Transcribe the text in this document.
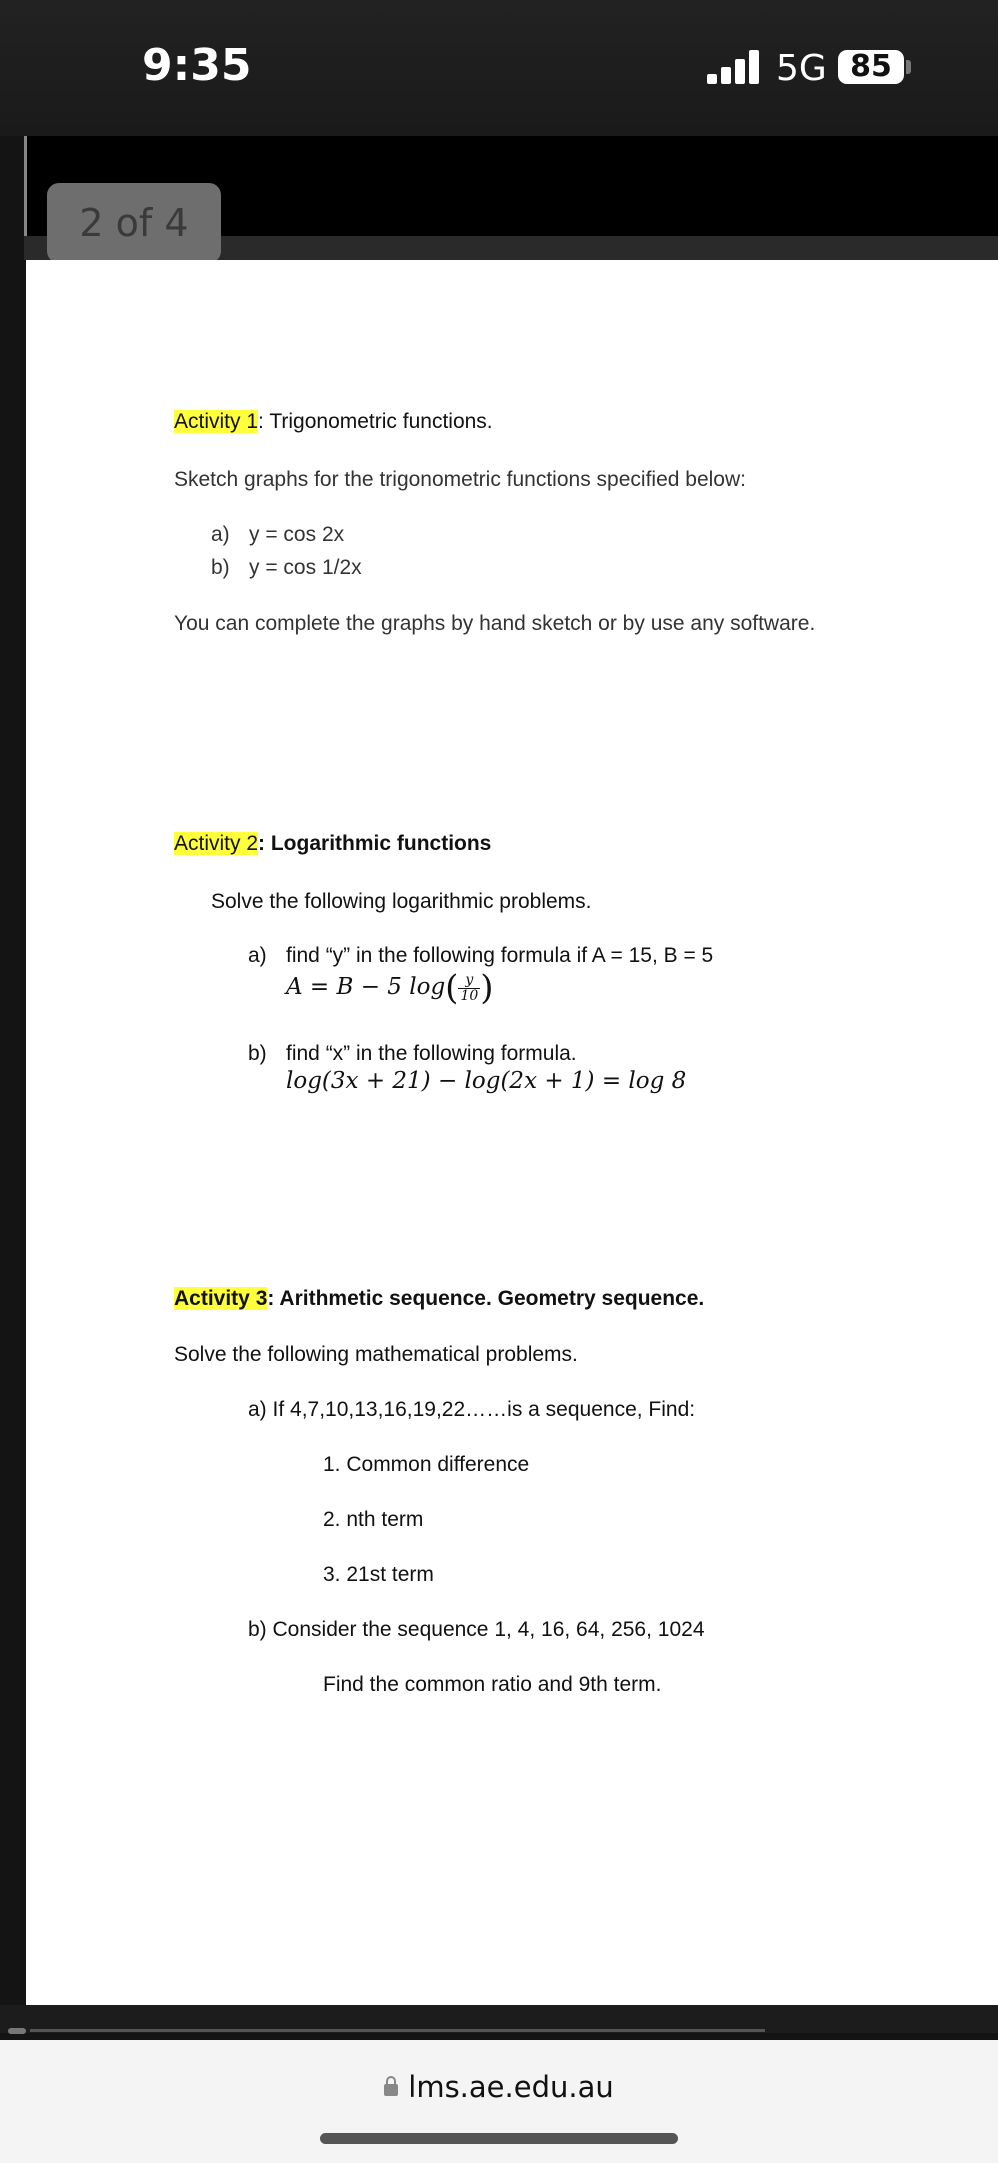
9:35	5G 85
2 of 4
Activity 1: Trigonometric functions.
Sketch graphs for the trigonometric functions specified below:
a) y = cos 2x
b) y = cos 1/2x
You can complete the graphs by hand sketch or by use any software.
Activity 2: Logarithmic functions
Solve the following logarithmic problems.
a) find “y” in the following formula if A = 15, B = 5
A = B − 5 $\log( \frac{y}{10}$ )
b) find “x” in the following formula.
log(3x + 21) − log(2x + 1) = log 8
Activity 3: Arithmetic sequence. Geometry sequence.
Solve the following mathematical problems.
a) If 4,7,10,13,16,19,22……is a sequence, Find:
1. Common difference
2. nth term
3. 21st term
b) Consider the sequence 1, 4, 16, 64, 256, 1024
Find the common ratio and 9th term.
lms.ae.edu.au
